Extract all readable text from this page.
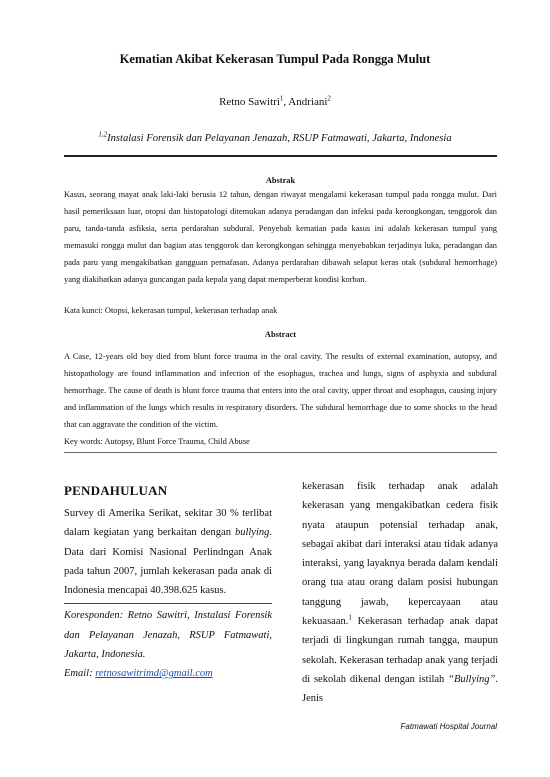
Kematian Akibat Kekerasan Tumpul Pada Rongga Mulut
Retno Sawitri$^1$, Andriani$^2$
$^{1,2}$Instalasi Forensik dan Pelayanan Jenazah, RSUP Fatmawati, Jakarta, Indonesia
Abstrak
Kasus, seorang mayat anak laki-laki berusia 12 tahun, dengan riwayat mengalami kekerasan tumpul pada rongga mulut. Dari hasil pemeriksaan luar, otopsi dan histopatologi ditemukan adanya peradangan dan infeksi pada kerongkongan, tenggorok dan paru, tanda-tanda asfiksia, serta perdarahan subdural. Penyebab kematian pada kasus ini adalah kekerasan tumpul yang memasuki rongga mulut dan bagian atas tenggorok dan kerongkongan sehingga menyebabkan terjadinya luka, peradangan dan pada paru yang mengakibatkan gangguan pernafasan. Adanya perdarahan dibawah selaput keras otak (subdural hemorrhage) yang diakibatkan adanya guncangan pada kepala yang dapat memperberat kondisi korban.
Kata kunci: Otopsi, kekerasan tumpul, kekerasan terhadap anak
Abstract
A Case, 12-years old boy died from blunt force trauma in the oral cavity. The results of external examination, autopsy, and histopathology are found inflammation and infection of the esophagus, trachea and lungs, signs of asphyxia and subdural hemorrhage. The cause of death is blunt force trauma that enters into the oral cavity, upper throat and esophagus, causing injury and inflammation of the lungs which results in respiratory disorders. The subdural hemorrhage due to some shocks to the head that can aggravate the condition of the victim.
Key words: Autopsy, Blunt Force Trauma, Child Abuse
PENDAHULUAN

Survey di Amerika Serikat, sekitar 30 % terlibat dalam kegiatan yang berkaitan dengan bullying. Data dari Komisi Nasional Perlindngan Anak pada tahun 2007, jumlah kekerasan pada anak di Indonesia mencapai 40.398.625 kasus.

Koresponden: Retno Sawitri, Instalasi Forensik dan Pelayanan Jenazah, RSUP Fatmawati, Jakarta, Indonesia.

Email: retnosawitrimd@gmail.com

kekerasan fisik terhadap anak adalah kekerasan yang mengakibatkan cedera fisik nyata ataupun potensial terhadap anak, sebagai akibat dari interaksi atau tidak adanya interaksi, yang layaknya berada dalam kendali orang tua atau orang dalam posisi hubungan tanggung jawab, kepercayaan atau kekuasaan.$^1$ Kekerasan terhadap anak dapat terjadi di lingkungan rumah tangga, maupun sekolah. Kekerasan terhadap anak yang terjadi di sekolah dikenal dengan istilah “Bullying”. Jenis

Fatmawati Hospital Journal
